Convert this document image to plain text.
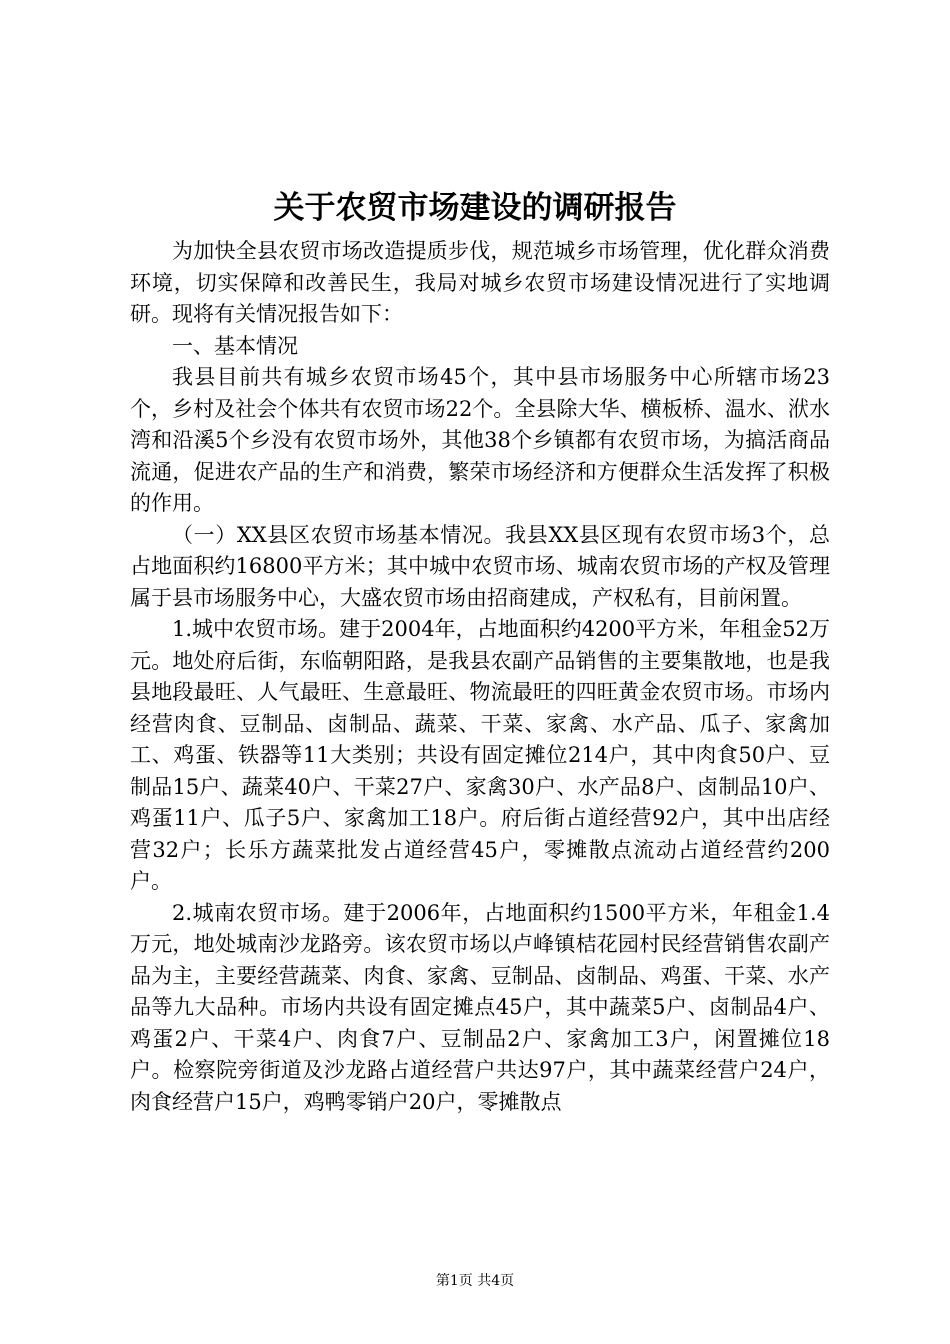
关于农贸市场建设的调研报告

为加快全县农贸市场改造提质步伐，规范城乡市场管理，优化群众消费环境，切实保障和改善民生，我局对城乡农贸市场建设情况进行了实地调研。现将有关情况报告如下：

一、基本情况

我县目前共有城乡农贸市场45个，其中县市场服务中心所辖市场23个，乡村及社会个体共有农贸市场22个。全县除大华、横板桥、温水、洑水湾和沿溪5个乡没有农贸市场外，其他38个乡镇都有农贸市场，为搞活商品流通，促进农产品的生产和消费，繁荣市场经济和方便群众生活发挥了积极的作用。

（一）XX县区农贸市场基本情况。我县XX县区现有农贸市场3个，总占地面积约16800平方米；其中城中农贸市场、城南农贸市场的产权及管理属于县市场服务中心，大盛农贸市场由招商建成，产权私有，目前闲置。

1.城中农贸市场。建于2004年，占地面积约4200平方米，年租金52万元。地处府后街，东临朝阳路，是我县农副产品销售的主要集散地，也是我县地段最旺、人气最旺、生意最旺、物流最旺的四旺黄金农贸市场。市场内经营肉食、豆制品、卤制品、蔬菜、干菜、家禽、水产品、瓜子、家禽加工、鸡蛋、铁器等11大类别；共设有固定摊位214户，其中肉食50户、豆制品15户、蔬菜40户、干菜27户、家禽30户、水产品8户、卤制品10户、鸡蛋11户、瓜子5户、家禽加工18户。府后街占道经营92户，其中出店经营32户；长乐方蔬菜批发占道经营45户，零摊散点流动占道经营约200户。

2.城南农贸市场。建于2006年，占地面积约1500平方米，年租金1.4万元，地处城南沙龙路旁。该农贸市场以卢峰镇桔花园村民经营销售农副产品为主，主要经营蔬菜、肉食、家禽、豆制品、卤制品、鸡蛋、干菜、水产品等九大品种。市场内共设有固定摊点45户，其中蔬菜5户、卤制品4户、鸡蛋2户、干菜4户、肉食7户、豆制品2户、家禽加工3户，闲置摊位18户。检察院旁街道及沙龙路占道经营户共达97户，其中蔬菜经营户24户，肉食经营户15户，鸡鸭零销户20户，零摊散点

第1页 共4页
